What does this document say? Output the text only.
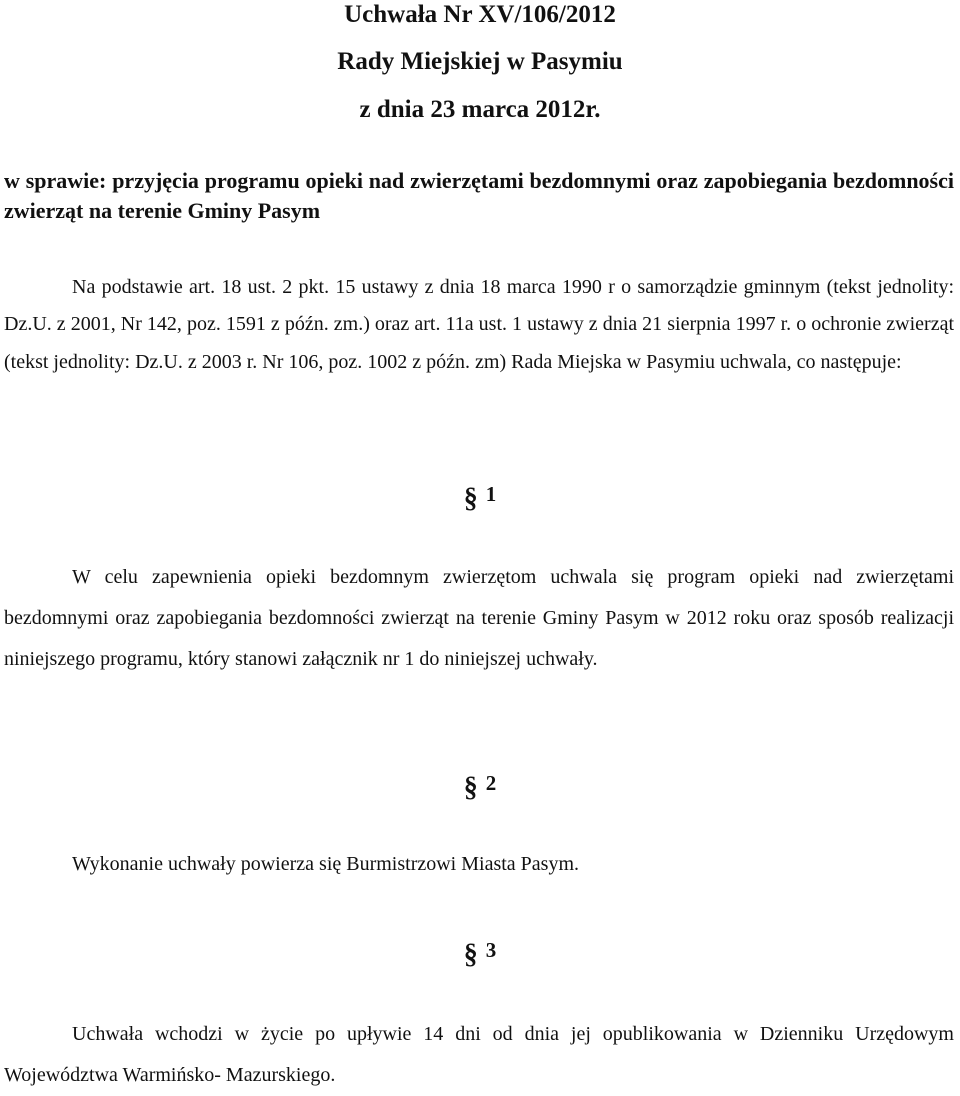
Uchwała Nr XV/106/2012
Rady Miejskiej w Pasymiu
z dnia 23 marca 2012r.
w sprawie: przyjęcia programu opieki nad zwierzętami bezdomnymi oraz zapobiegania bezdomności zwierząt na terenie Gminy Pasym
Na podstawie art. 18 ust. 2 pkt. 15 ustawy z dnia 18 marca 1990 r o samorządzie gminnym (tekst jednolity: Dz.U. z 2001, Nr 142, poz. 1591 z późn. zm.) oraz art. 11a ust. 1 ustawy z dnia 21 sierpnia 1997 r. o ochronie zwierząt (tekst jednolity: Dz.U. z 2003 r. Nr 106, poz. 1002 z późn. zm) Rada Miejska w Pasymiu uchwala, co następuje:
§ 1
W celu zapewnienia opieki bezdomnym zwierzętom uchwala się program opieki nad zwierzętami bezdomnymi oraz zapobiegania bezdomności zwierząt na terenie Gminy Pasym w 2012 roku oraz sposób realizacji niniejszego programu, który stanowi załącznik nr 1 do niniejszej uchwały.
§ 2
Wykonanie uchwały powierza się Burmistrzowi Miasta Pasym.
§ 3
Uchwała wchodzi w życie po upływie 14 dni od dnia jej opublikowania w Dzienniku Urzędowym Województwa Warmińsko- Mazurskiego.
